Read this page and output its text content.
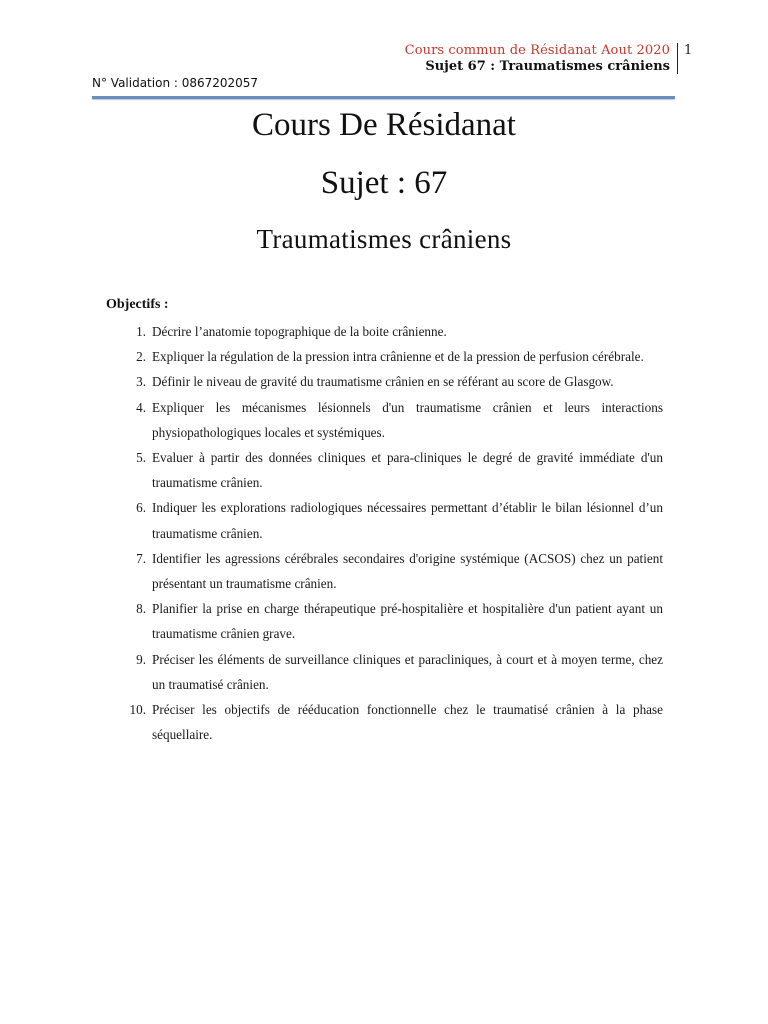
Cours commun de Résidanat Aout 2020
Sujet 67 : Traumatismes crâniens
1
N° Validation : 0867202057
Cours De Résidanat
Sujet : 67
Traumatismes crâniens
Objectifs :
1. Décrire l’anatomie topographique de la boite crânienne.
2. Expliquer la régulation de la pression intra crânienne et de la pression de perfusion cérébrale.
3. Définir le niveau de gravité du traumatisme crânien en se référant au score de Glasgow.
4. Expliquer les mécanismes lésionnels d'un traumatisme crânien et leurs interactions physiopathologiques locales et systémiques.
5. Evaluer à partir des données cliniques et para-cliniques le degré de gravité immédiate d'un traumatisme crânien.
6. Indiquer les explorations radiologiques nécessaires permettant d’établir le bilan lésionnel d’un traumatisme crânien.
7. Identifier les agressions cérébrales secondaires d'origine systémique (ACSOS) chez un patient présentant un traumatisme crânien.
8. Planifier la prise en charge thérapeutique pré-hospitalière et hospitalière d'un patient ayant un traumatisme crânien grave.
9. Préciser les éléments de surveillance cliniques et paracliniques, à court et à moyen terme, chez un traumatisé crânien.
10. Préciser les objectifs de rééducation fonctionnelle chez le traumatisé crânien à la phase séquellaire.
